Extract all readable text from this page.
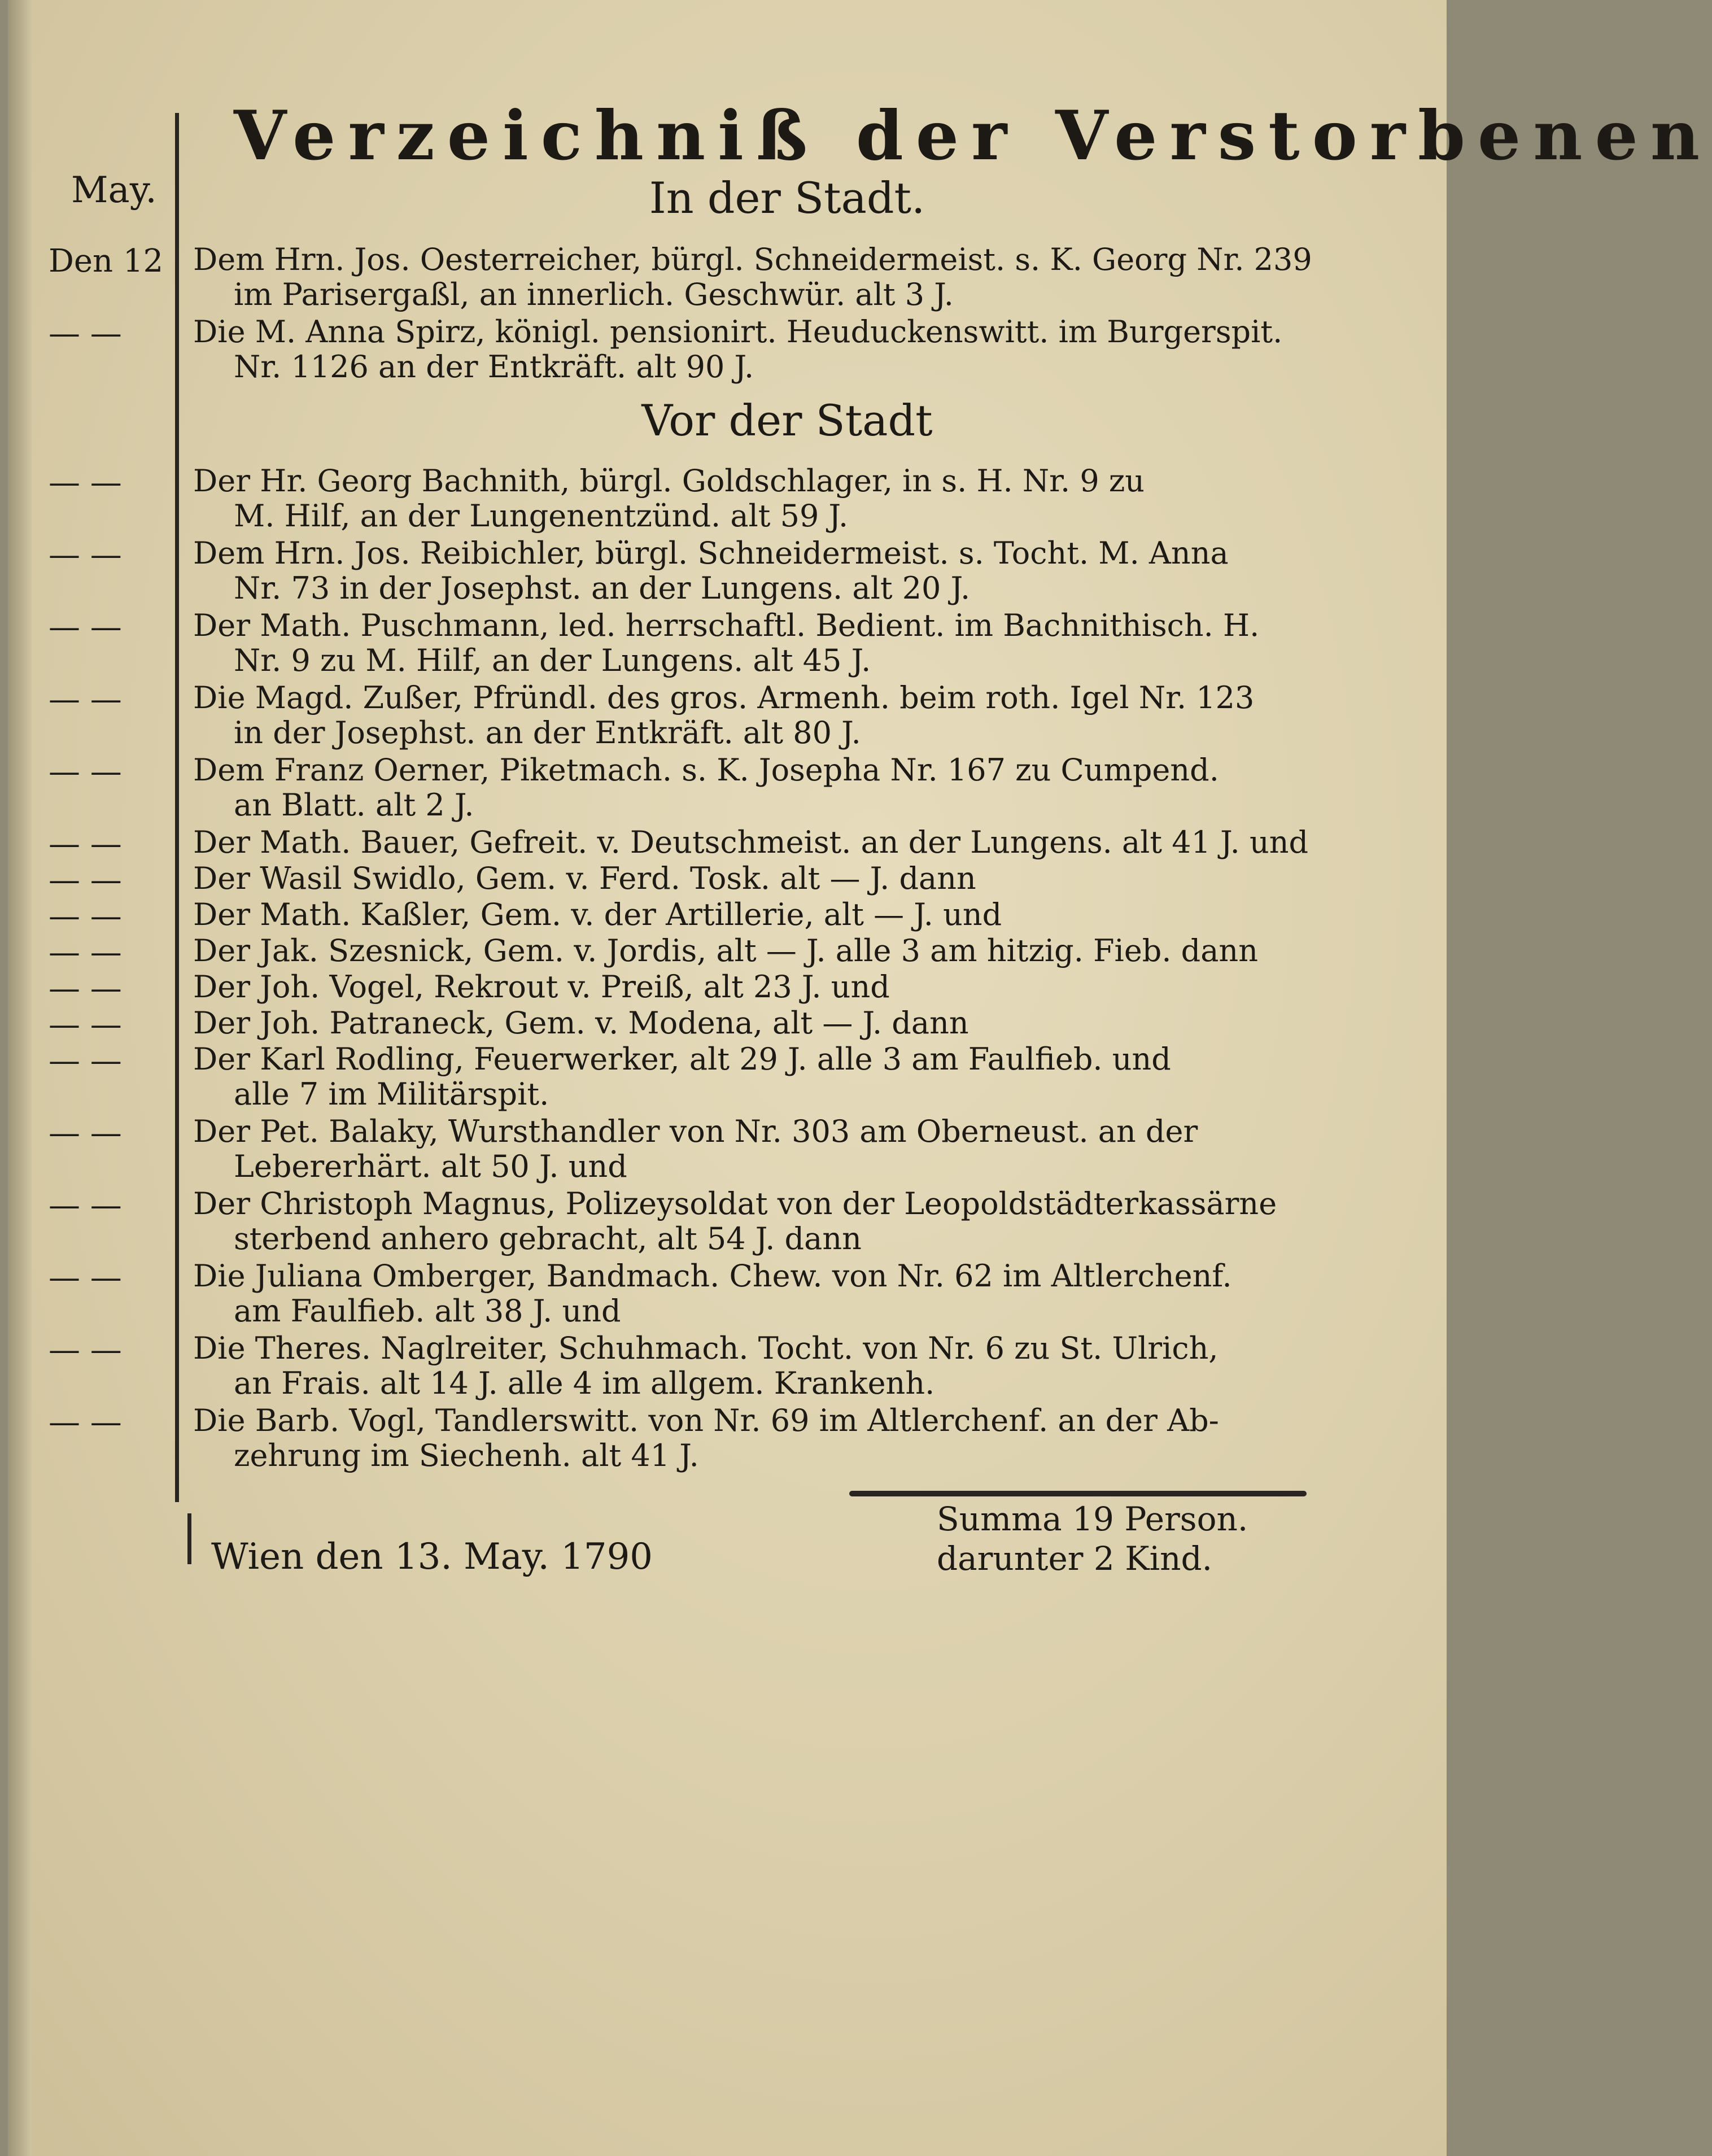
Verzeichniß der Verstorbenen
May.	In der Stadt.
Den 12 Dem Hrn. Jos. Oesterreicher, bürgl. Schneidermeist. s. K. Georg Nr. 239
im Parisergaßl, an innerlich. Geschwür. alt 3 J.
— —	Die M. Anna Spirz, königl. pensionirt. Heuduckenswitt. im Burgerspit.
Nr. 1126 an der Entkräft. alt 90 J.
Vor der Stadt
— —	Der Hr. Georg Bachnith, bürgl. Goldschlager, in s. H. Nr. 9 zu
M. Hilf, an der Lungenentzünd. alt 59 J.
— —	Dem Hrn. Jos. Reibichler, bürgl. Schneidermeist. s. Tocht. M. Anna
Nr. 73 in der Josephst. an der Lungens. alt 20 J.
— —	Der Math. Puschmann, led. herrschaftl. Bedient. im Bachnithisch. H.
Nr. 9 zu M. Hilf, an der Lungens. alt 45 J.
— —	Die Magd. Zußer, Pfründl. des gros. Armenh. beim roth. Igel Nr. 123
in der Josephst. an der Entkräft. alt 80 J.
— —	Dem Franz Oerner, Piketmach. s. K. Josepha Nr. 167 zu Cumpend.
an Blatt. alt 2 J.
— —	Der Math. Bauer, Gefreit. v. Deutschmeist. an der Lungens. alt 41 J. und
— —	Der Wasil Swidlo, Gem. v. Ferd. Tosk. alt — J. dann
— —	Der Math. Kaßler, Gem. v. der Artillerie, alt — J. und
— —	Der Jak. Szesnick, Gem. v. Jordis, alt — J. alle 3 am hitzig. Fieb. dann
— —	Der Joh. Vogel, Rekrout v. Preiß, alt 23 J. und
— —	Der Joh. Patraneck, Gem. v. Modena, alt — J. dann
— —	Der Karl Rodling, Feuerwerker, alt 29 J. alle 3 am Faulfieb. und
alle 7 im Militärspit.
— —	Der Pet. Balaky, Wursthandler von Nr. 303 am Oberneust. an der
Lebererhärt. alt 50 J. und
— —	Der Christoph Magnus, Polizeysoldat von der Leopoldstädterkassärne
sterbend anhero gebracht, alt 54 J. dann
— —	Die Juliana Omberger, Bandmach. Chew. von Nr. 62 im Altlerchenf.
am Faulfieb. alt 38 J. und
— —	Die Theres. Naglreiter, Schuhmach. Tocht. von Nr. 6 zu St. Ulrich,
an Frais. alt 14 J. alle 4 im allgem. Krankenh.
— —	Die Barb. Vogl, Tandlerswitt. von Nr. 69 im Altlerchenf. an der Ab-
zehrung im Siechenh. alt 41 J.
Summa 19 Person.
darunter 2 Kind.
Wien den 13. May. 1790
